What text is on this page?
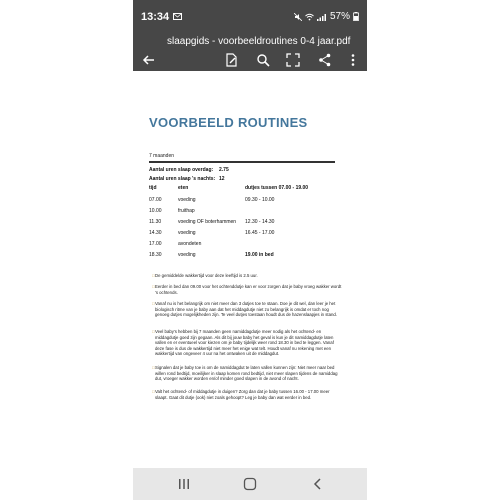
13:34	57%
slaapgids - voorbeeldroutines 0-4 jaar.pdf
VOORBEELD ROUTINES
7 maanden
Aantal uren slaap overdag: 2.75
Aantal uren slaap 's nachts: 12
tijd	eten	dutjes tussen 07.00 - 19.00
07.00	voeding	09.30 - 10.00
10.00	fruithap
11.30	voeding OF boterhammen 12.30 - 14.30
14.30	voeding	16.45 - 17.00
17.00	avondeten
18.30	voeding	19.00 in bed
□ De gemiddelde wakkertijd voor deze leeftijd is 2.5 uur.
□ Eerder in bed dan 09.00 voor het ochtenddutje kan er voor zorgen dat je baby vroeg wakker wordt 's ochtends.
□ Vanaf nu is het belangrijk om niet meer dan 3 dutjes toe te staan. Doe je dit wel, dan leer je het biologisch ritme van je baby aan dat het middagdutje niet zo belangrijk is omdat er toch nog genoeg dutjes mogelijkheden zijn. Te veel dutjes toestaan houdt dus de hazenslaapjes in stand.
□ Veel baby's hebben bij 7 maanden geen namiddagdutje meer nodig als het ochtend- en middagdutje goed zijn gegaan. Als dit bij jouw baby het geval is kun je dit namiddagdutje laten vallen en er eventueel voor kiezen om je baby tijdelijk weer rond 18.30 in bed te leggen. Vanaf deze fase is dus de wakkertijd niet meer het enige wat telt. Houdt vanaf nu rekening met een wakkertijd van ongeveer 4 uur na het ontwaken uit de middagdut.
□ Signalen dat je baby toe is om de namiddagdut te laten vallen kunnen zijn: Niet meer naar bed willen rond bedtijd, moeilijker in slaap komen rond bedtijd, niet meer slapen tijdens de namiddag dut, vroeger wakker worden en/of minder goed slapen in de avond of nacht.
□ Valt het ochtend- of middagdutje in duigen? Zorg dan dat je baby tussen 16.00 - 17.00 meer slaapt. Gaat dit dutje (ook) niet zoals gehoopt? Leg je baby dan wat eerder in bed.
